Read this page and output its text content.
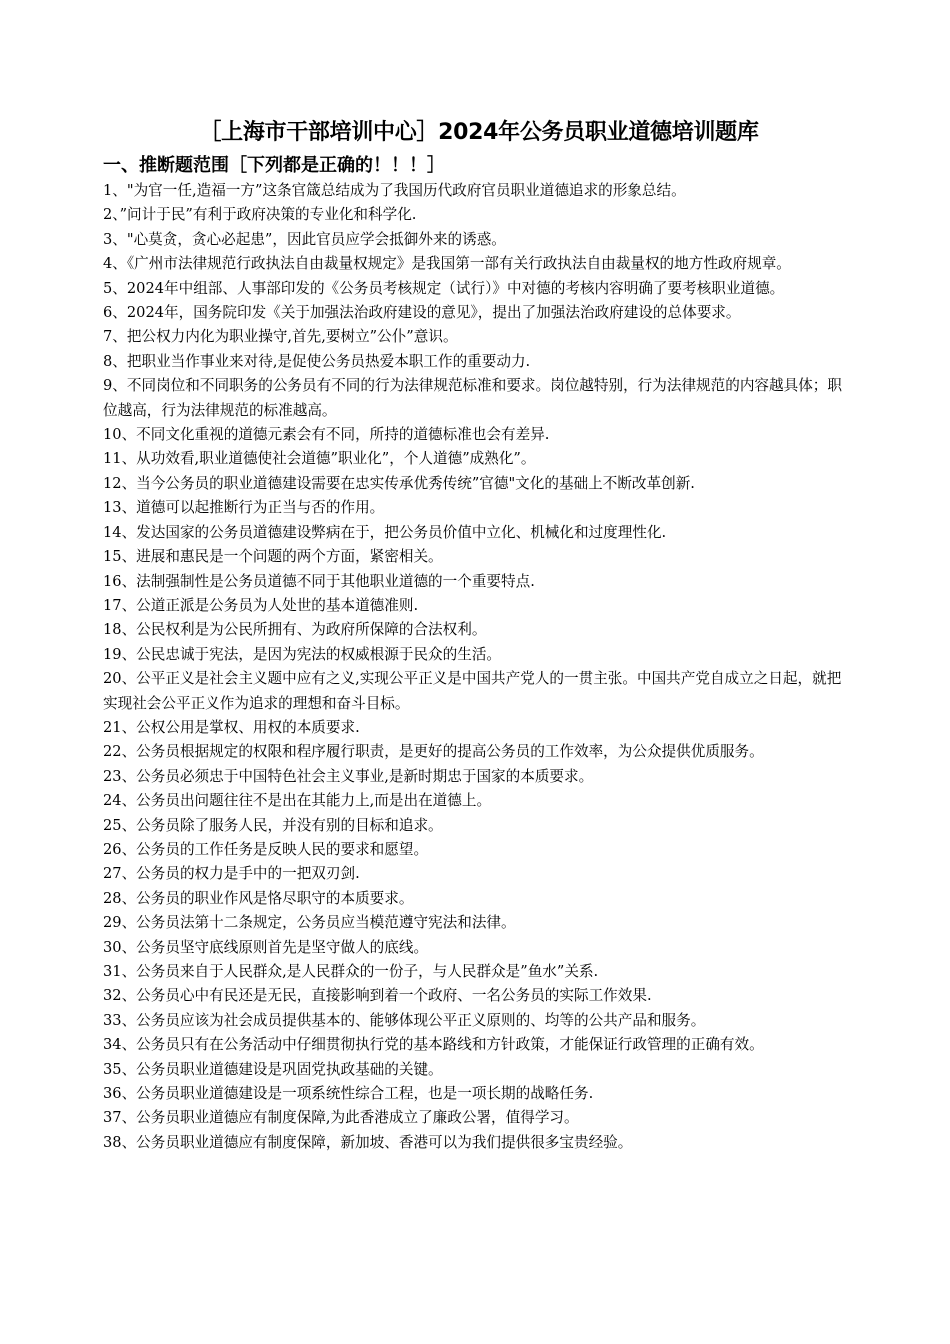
［上海市干部培训中心］2024年公务员职业道德培训题库
一、推断题范围［下列都是正确的！！！］
1、"为官一任,造福一方”这条官箴总结成为了我国历代政府官员职业道德追求的形象总结。
2、”问计于民”有利于政府决策的专业化和科学化.
3、"心莫贪，贪心必起患”，因此官员应学会抵御外来的诱惑。
4、《广州市法律规范行政执法自由裁量权规定》是我国第一部有关行政执法自由裁量权的地方性政府规章。
5、2024年中组部、人事部印发的《公务员考核规定（试行）》中对德的考核内容明确了要考核职业道德。
6、2024年，国务院印发《关于加强法治政府建设的意见》，提出了加强法治政府建设的总体要求。
7、把公权力内化为职业操守,首先,要树立”公仆”意识。
8、把职业当作事业来对待,是促使公务员热爱本职工作的重要动力.
9、不同岗位和不同职务的公务员有不同的行为法律规范标准和要求。岗位越特别，行为法律规范的内容越具体；职位越高，行为法律规范的标准越高。
10、不同文化重视的道德元素会有不同，所持的道德标准也会有差异.
11、从功效看,职业道德使社会道德”职业化”，个人道德”成熟化”。
12、当今公务员的职业道德建设需要在忠实传承优秀传统”官德"文化的基础上不断改革创新.
13、道德可以起推断行为正当与否的作用。
14、发达国家的公务员道德建设弊病在于，把公务员价值中立化、机械化和过度理性化.
15、进展和惠民是一个问题的两个方面，紧密相关。
16、法制强制性是公务员道德不同于其他职业道德的一个重要特点.
17、公道正派是公务员为人处世的基本道德准则.
18、公民权利是为公民所拥有、为政府所保障的合法权利。
19、公民忠诚于宪法，是因为宪法的权威根源于民众的生活。
20、公平正义是社会主义题中应有之义,实现公平正义是中国共产党人的一贯主张。中国共产党自成立之日起，就把实现社会公平正义作为追求的理想和奋斗目标。
21、公权公用是掌权、用权的本质要求.
22、公务员根据规定的权限和程序履行职责，是更好的提高公务员的工作效率，为公众提供优质服务。
23、公务员必须忠于中国特色社会主义事业,是新时期忠于国家的本质要求。
24、公务员出问题往往不是出在其能力上,而是出在道德上。
25、公务员除了服务人民，并没有别的目标和追求。
26、公务员的工作任务是反映人民的要求和愿望。
27、公务员的权力是手中的一把双刃剑.
28、公务员的职业作风是恪尽职守的本质要求。
29、公务员法第十二条规定，公务员应当模范遵守宪法和法律。
30、公务员坚守底线原则首先是坚守做人的底线。
31、公务员来自于人民群众,是人民群众的一份子，与人民群众是”鱼水”关系.
32、公务员心中有民还是无民，直接影响到着一个政府、一名公务员的实际工作效果.
33、公务员应该为社会成员提供基本的、能够体现公平正义原则的、均等的公共产品和服务。
34、公务员只有在公务活动中仔细贯彻执行党的基本路线和方针政策，才能保证行政管理的正确有效。
35、公务员职业道德建设是巩固党执政基础的关键。
36、公务员职业道德建设是一项系统性综合工程，也是一项长期的战略任务.
37、公务员职业道德应有制度保障,为此香港成立了廉政公署，值得学习。
38、公务员职业道德应有制度保障，新加坡、香港可以为我们提供很多宝贵经验。
